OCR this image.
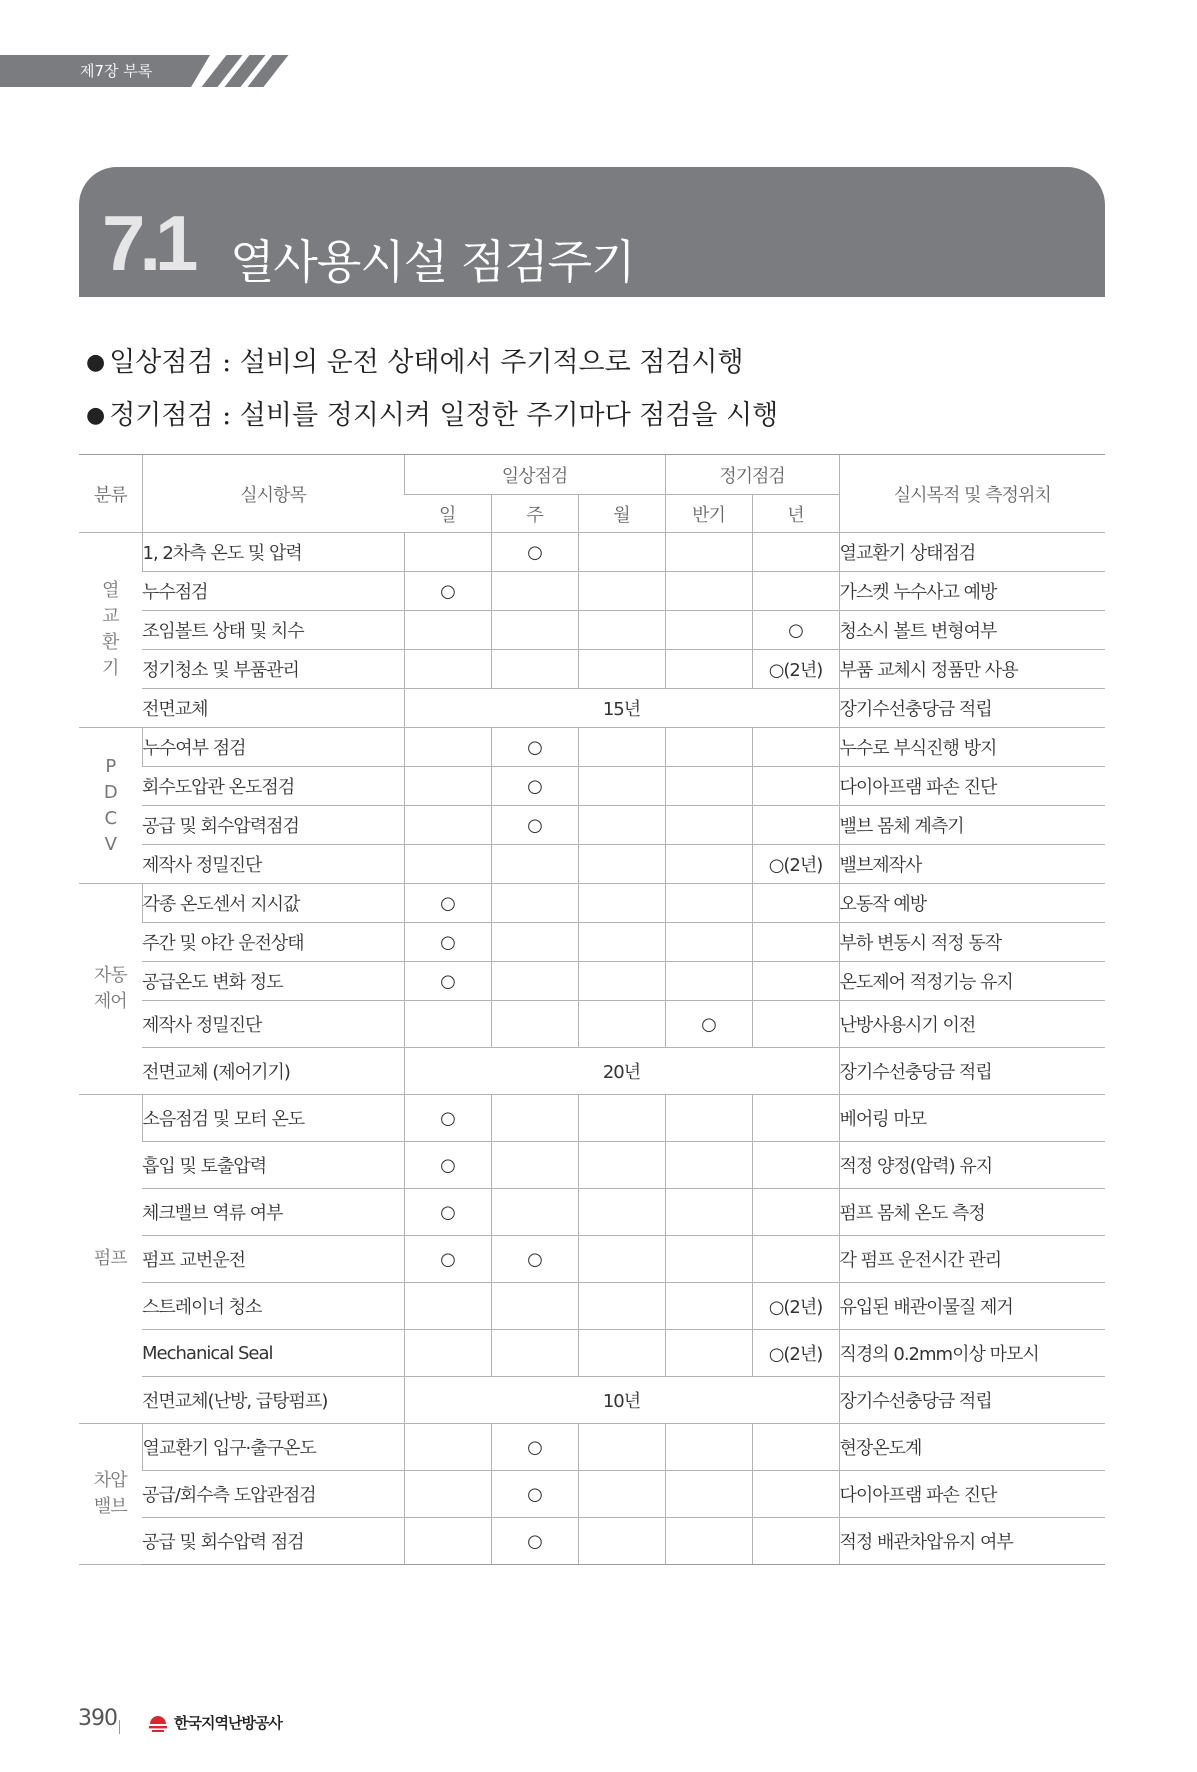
제7장 부록
7.1 열사용시설 점검주기
● 일상점검 : 설비의 운전 상태에서 주기적으로 점검시행
● 정기점검 : 설비를 정지시켜 일정한 주기마다 점검을 시행
분류	실시항목	일상점검			정기점검		실시목적 및 측정위치
		일	주	월	반기	년	
열
교
환
기	1, 2차측 온도 및 압력		○				열교환기 상태점검
	누수점검	○					가스켓 누수사고 예방
	조임볼트 상태 및 치수					○	청소시 볼트 변형여부
	정기청소 및 부품관리					○(2년)	부품 교체시 정품만 사용
	전면교체	15년					장기수선충당금 적립
P
D
C
V	누수여부 점검		○				누수로 부식진행 방지
	회수도압관 온도점검		○				다이아프램 파손 진단
	공급 및 회수압력점검		○				밸브 몸체 계측기
	제작사 정밀진단					○(2년)	밸브제작사
자동
제어	각종 온도센서 지시값	○					오동작 예방
	주간 및 야간 운전상태	○					부하 변동시 적정 동작
	공급온도 변화 정도	○					온도제어 적정기능 유지
	제작사 정밀진단				○		난방사용시기 이전
	전면교체 (제어기기)	20년					장기수선충당금 적립
펌프	소음점검 및 모터 온도	○					베어링 마모
	흡입 및 토출압력	○					적정 양정(압력) 유지
	체크밸브 역류 여부	○					펌프 몸체 온도 측정
	펌프 교번운전	○	○				각 펌프 운전시간 관리
	스트레이너 청소					○(2년)	유입된 배관이물질 제거
	Mechanical Seal					○(2년)	직경의 0.2mm이상 마모시
	전면교체(난방, 급탕펌프)	10년					장기수선충당금 적립
차압
밸브	열교환기 입구·출구온도		○				현장온도계
	공급/회수측 도압관점검		○				다이아프램 파손 진단
	공급 및 회수압력 점검		○				적정 배관차압유지 여부
390	한국지역난방공사
